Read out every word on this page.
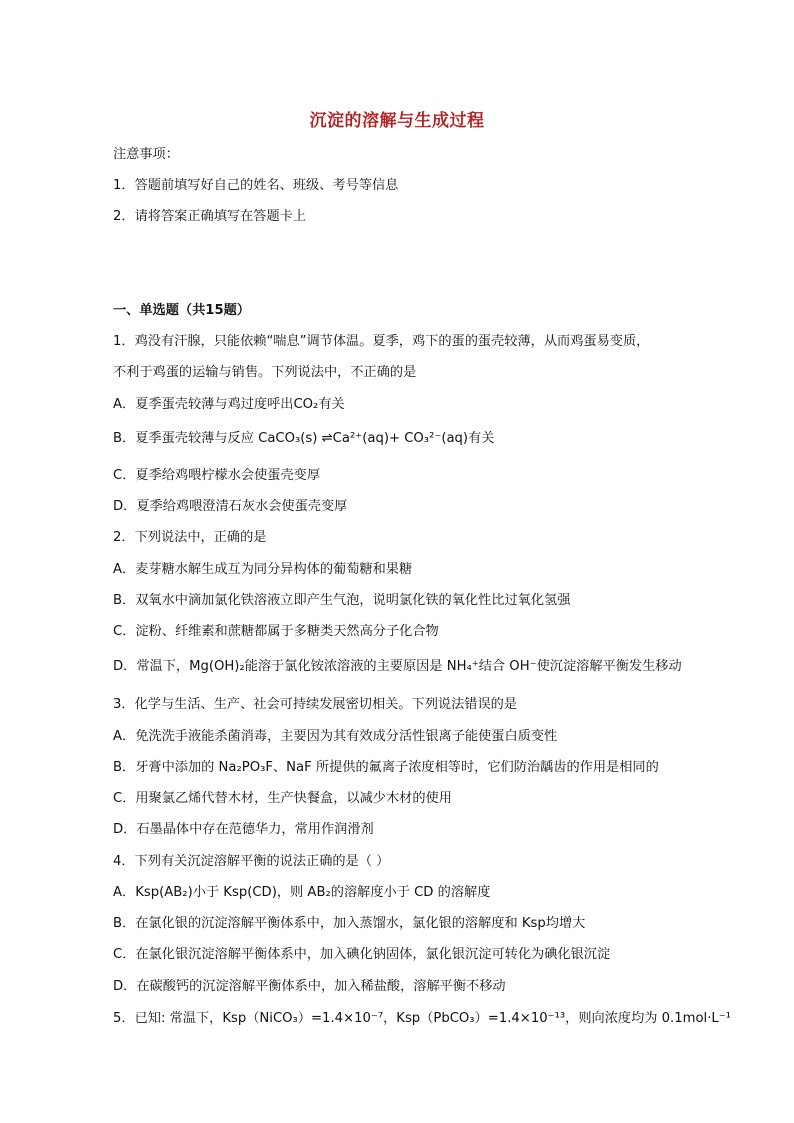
沉淀的溶解与生成过程
注意事项：
1．答题前填写好自己的姓名、班级、考号等信息
2．请将答案正确填写在答题卡上
一、单选题（共15题）
1．鸡没有汗腺，只能依赖“喘息”调节体温。夏季，鸡下的蛋的蛋壳较薄，从而鸡蛋易变质，
不利于鸡蛋的运输与销售。下列说法中，不正确的是
A．夏季蛋壳较薄与鸡过度呼出CO₂有关
B．夏季蛋壳较薄与反应 CaCO₃(s) ⇌Ca²⁺(aq)+ CO₃²⁻(aq)有关
C．夏季给鸡喂柠檬水会使蛋壳变厚
D．夏季给鸡喂澄清石灰水会使蛋壳变厚
2．下列说法中，正确的是
A．麦芽糖水解生成互为同分异构体的葡萄糖和果糖
B．双氧水中滴加氯化铁溶液立即产生气泡，说明氯化铁的氧化性比过氧化氢强
C．淀粉、纤维素和蔗糖都属于多糖类天然高分子化合物
D．常温下，Mg(OH)₂能溶于氯化铵浓溶液的主要原因是 NH₄⁺结合 OH⁻使沉淀溶解平衡发生移动
3．化学与生活、生产、社会可持续发展密切相关。下列说法错误的是
A．免洗洗手液能杀菌消毒，主要因为其有效成分活性银离子能使蛋白质变性
B．牙膏中添加的 Na₂PO₃F、NaF 所提供的氟离子浓度相等时，它们防治龋齿的作用是相同的
C．用聚氯乙烯代替木材，生产快餐盒，以减少木材的使用
D．石墨晶体中存在范德华力，常用作润滑剂
4．下列有关沉淀溶解平衡的说法正确的是（ ）
A．Ksp(AB₂)小于 Ksp(CD)，则 AB₂的溶解度小于 CD 的溶解度
B．在氯化银的沉淀溶解平衡体系中，加入蒸馏水，氯化银的溶解度和 Ksp均增大
C．在氯化银沉淀溶解平衡体系中，加入碘化钠固体，氯化银沉淀可转化为碘化银沉淀
D．在碳酸钙的沉淀溶解平衡体系中，加入稀盐酸，溶解平衡不移动
5．已知: 常温下，Ksp（NiCO₃）=1.4×10⁻⁷，Ksp（PbCO₃）=1.4×10⁻¹³，则向浓度均为 0.1mol·L⁻¹
